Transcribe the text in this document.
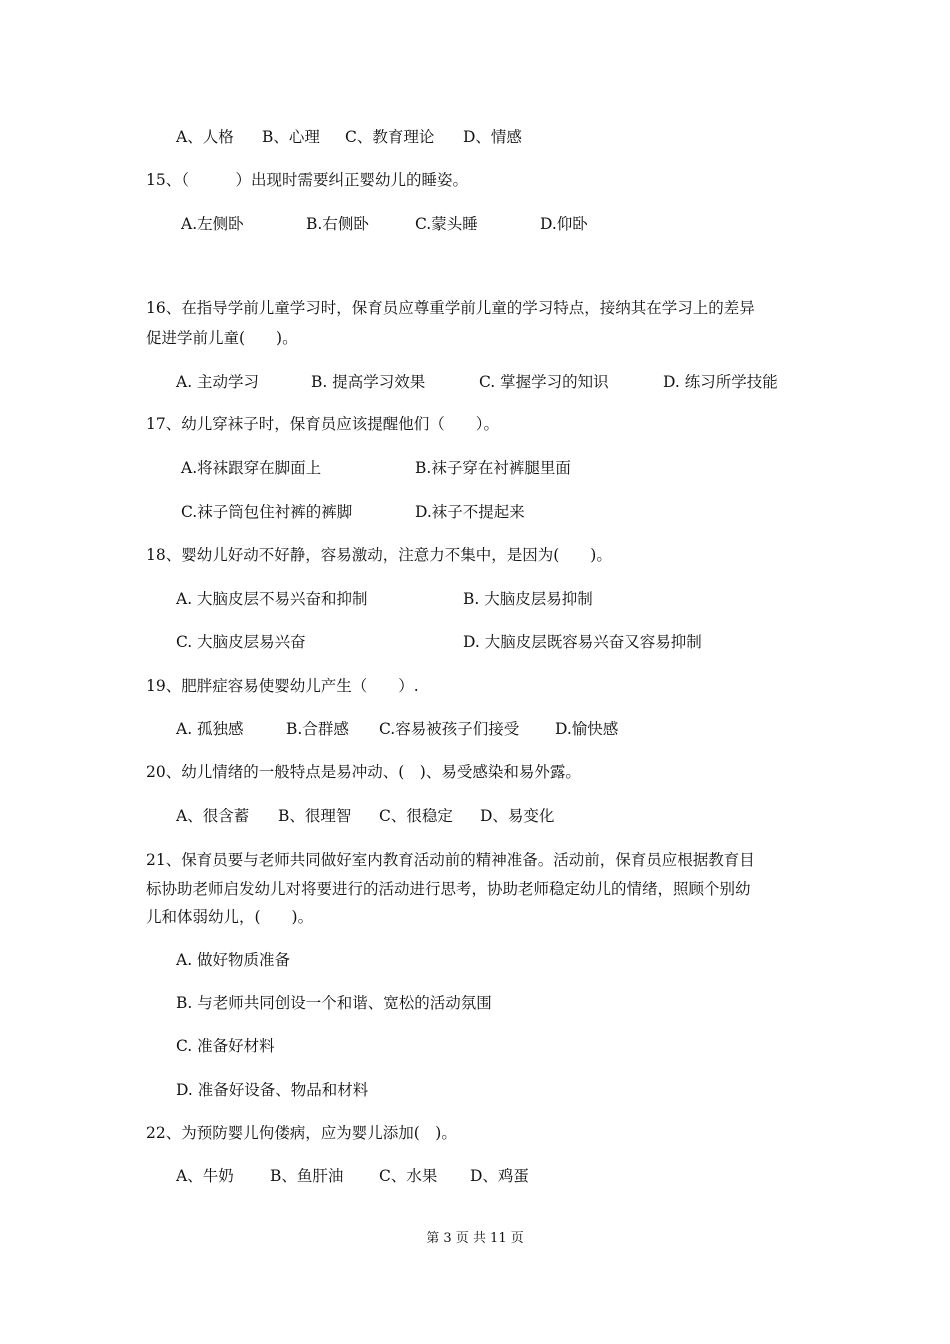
A、人格 B、心理 C、教育理论 D、情感
15、（　　　）出现时需要纠正婴幼儿的睡姿。
A.左侧卧	B.右侧卧	C.蒙头睡	D.仰卧
16、在指导学前儿童学习时，保育员应尊重学前儿童的学习特点，接纳其在学习上的差异
促进学前儿童(　　)。
A. 主动学习	B. 提高学习效果	C. 掌握学习的知识	D. 练习所学技能
17、幼儿穿袜子时，保育员应该提醒他们（　　）。
A.将袜跟穿在脚面上	B.袜子穿在衬裤腿里面
C.袜子筒包住衬裤的裤脚	D.袜子不提起来
18、婴幼儿好动不好静，容易激动，注意力不集中，是因为(　　)。
A. 大脑皮层不易兴奋和抑制	B. 大脑皮层易抑制
C. 大脑皮层易兴奋	D. 大脑皮层既容易兴奋又容易抑制
19、肥胖症容易使婴幼儿产生（　　）.
A. 孤独感	B.合群感 C.容易被孩子们接受 D.愉快感
20、幼儿情绪的一般特点是易冲动、(　)、易受感染和易外露。
A、很含蓄 B、很理智 C、很稳定 D、易变化
21、保育员要与老师共同做好室内教育活动前的精神准备。活动前，保育员应根据教育目
标协助老师启发幼儿对将要进行的活动进行思考，协助老师稳定幼儿的情绪，照顾个别幼
儿和体弱幼儿，(　　)。
A. 做好物质准备
B. 与老师共同创设一个和谐、宽松的活动氛围
C. 准备好材料
D. 准备好设备、物品和材料
22、为预防婴儿佝偻病，应为婴儿添加(　)。
A、牛奶 B、鱼肝油 C、水果 D、鸡蛋
第 3 页 共 11 页
